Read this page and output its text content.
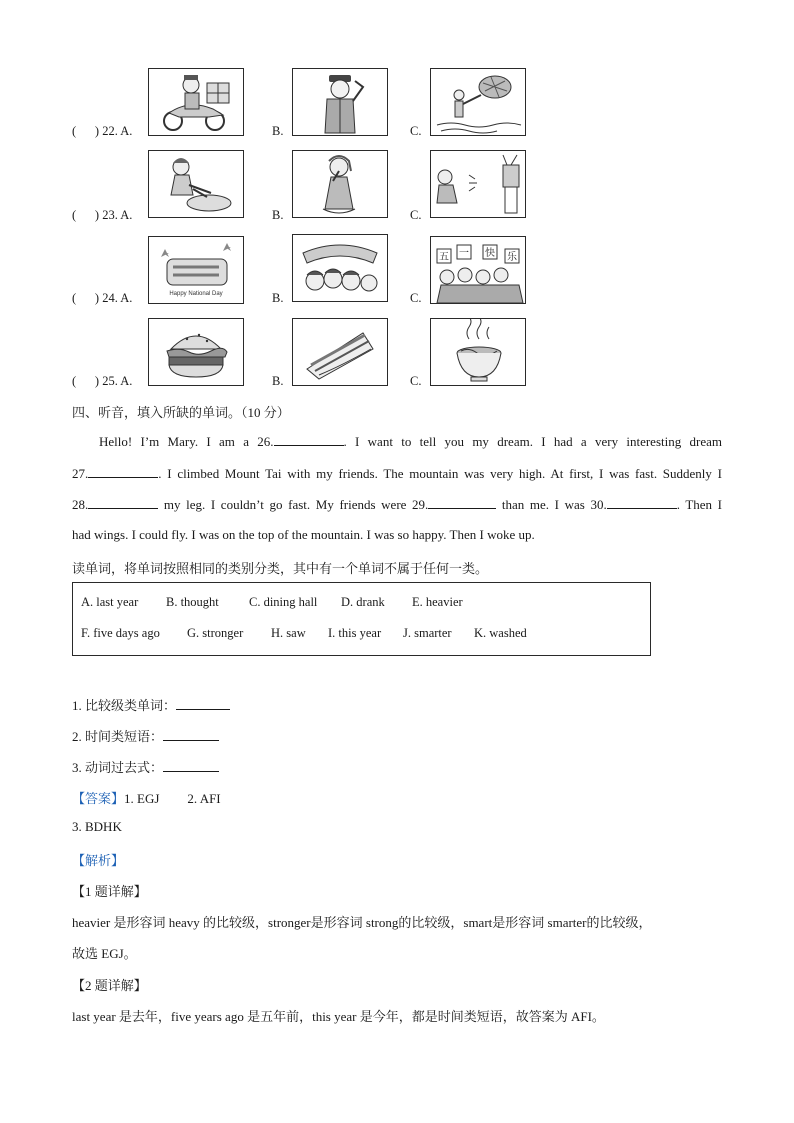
(      ) 22. A.	B.	C.
(      ) 23. A.	B.	C.
(      ) 24. A.	Happy National Day	B.	C.
五 一 快 乐
(      ) 25. A.	B.	C.
四、听音，填入所缺的单词。（10 分）
Hello! I’m Mary. I am a 26.	. I want to tell you my dream. I had a very interesting dream
27.	. I climbed Mount Tai with my friends. The mountain was very high. At first, I was fast. Suddenly I
28.	my leg. I couldn’t go fast. My friends were 29.	than me. I was 30.	. Then I
had wings. I could fly. I was on the top of the mountain. I was so happy. Then I woke up.
读单词，将单词按照相同的类别分类，其中有一个单词不属于任何一类。
A. last year B. thought C. dining hall D. drank E. heavier
F. five days ago G. stronger H. saw I. this year J. smarter K. washed
1. 比较级类单词：
2. 时间类短语：
3. 动词过去式：
【答案】1. EGJ 2. AFI
3. BDHK
【解析】
【1 题详解】
heavier 是形容词 heavy 的比较级，stronger是形容词 strong的比较级，smart是形容词 smarter的比较级，
故选 EGJ。
【2 题详解】
last year 是去年，five years ago 是五年前，this year 是今年，都是时间类短语，故答案为 AFI。
